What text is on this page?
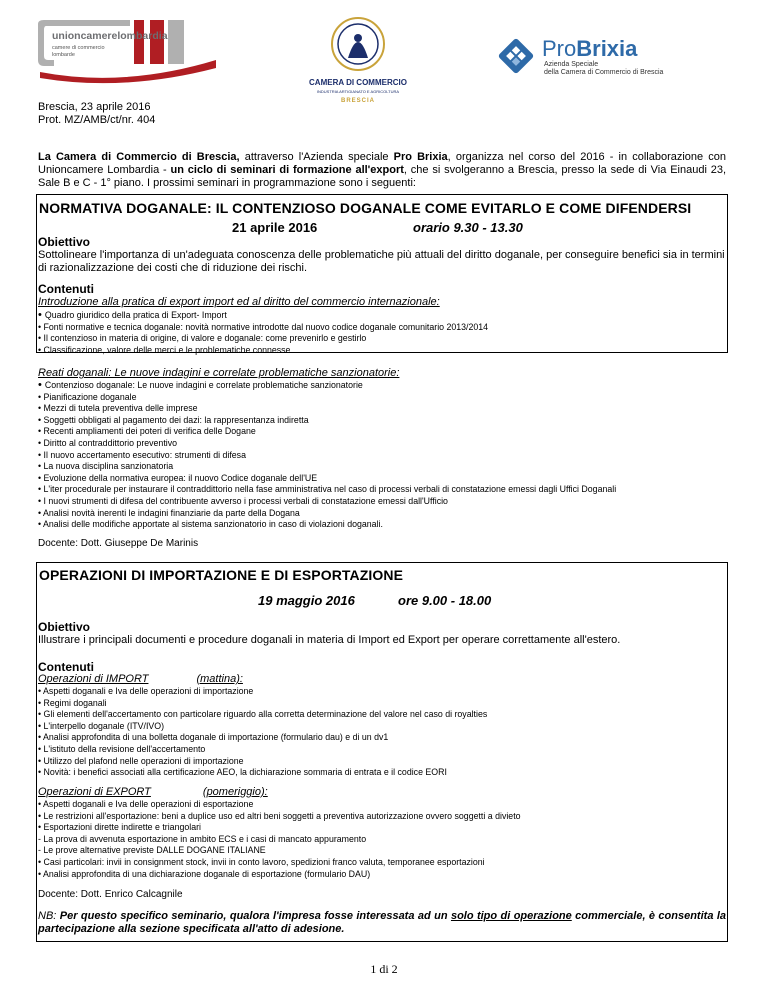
unioncamerelombardia
camere di commercio
lombarde
CAMERA DI COMMERCIO
INDUSTRIA ARTIGIANATO E AGRICOLTURA
BRESCIA
ProBrixia
Azienda Speciale
della Camera di Commercio di Brescia
Brescia, 23 aprile 2016
Prot. MZ/AMB/ct/nr. 404
La Camera di Commercio di Brescia, attraverso l'Azienda speciale Pro Brixia, organizza nel corso del 2016 - in collaborazione con Unioncamere Lombardia - un ciclo di seminari di formazione all'export, che si svolgeranno a Brescia, presso la sede di Via Einaudi 23, Sale B e C - 1° piano. I prossimi seminari in programmazione sono i seguenti:
NORMATIVA DOGANALE: IL CONTENZIOSO DOGANALE COME EVITARLO E COME DIFENDERSI
21 aprile 2016	orario 9.30 - 13.30
Obiettivo
Sottolineare l'importanza di un'adeguata conoscenza delle problematiche più attuali del diritto doganale, per conseguire benefici sia in termini di razionalizzazione dei costi che di riduzione dei rischi.
Contenuti
Introduzione alla pratica di export import ed al diritto del commercio internazionale:
• Quadro giuridico della pratica di Export- Import
• Fonti normative e tecnica doganale: novità normative introdotte dal nuovo codice doganale comunitario 2013/2014
• Il contenzioso in materia di origine, di valore e doganale: come prevenirlo e gestirlo
• Classificazione, valore delle merci e le problematiche connesse
Reati doganali: Le nuove indagini e correlate problematiche sanzionatorie:
• Contenzioso doganale: Le nuove indagini e correlate problematiche sanzionatorie
• Pianificazione doganale
• Mezzi di tutela preventiva delle imprese
• Soggetti obbligati al pagamento dei dazi: la rappresentanza indiretta
• Recenti ampliamenti dei poteri di verifica delle Dogane
• Diritto al contraddittorio preventivo
• Il nuovo accertamento esecutivo: strumenti di difesa
• La nuova disciplina sanzionatoria
• Evoluzione della normativa europea: il nuovo Codice doganale dell'UE
• L'iter procedurale per instaurare il contraddittorio nella fase amministrativa nel caso di processi verbali di constatazione emessi dagli Uffici Doganali
• I nuovi strumenti di difesa del contribuente avverso i processi verbali di constatazione emessi dall'Ufficio
• Analisi novità inerenti le indagini finanziarie da parte della Dogana
• Analisi delle modifiche apportate al sistema sanzionatorio in caso di violazioni doganali.
Docente: Dott. Giuseppe De Marinis
OPERAZIONI DI IMPORTAZIONE E DI ESPORTAZIONE
19 maggio 2016	ore 9.00 - 18.00
Obiettivo
Illustrare i principali documenti e procedure doganali in materia di Import ed Export per operare correttamente all'estero.
Contenuti
Operazioni di IMPORT	(mattina):
• Aspetti doganali e Iva delle operazioni di importazione
• Regimi doganali
• Gli elementi dell'accertamento con particolare riguardo alla corretta determinazione del valore nel caso di royalties
• L'interpello doganale (ITV/IVO)
• Analisi approfondita di una bolletta doganale di importazione (formulario dau) e di un dv1
• L'istituto della revisione dell'accertamento
• Utilizzo del plafond nelle operazioni di importazione
• Novità: i benefici associati alla certificazione AEO, la dichiarazione sommaria di entrata e il codice EORI
Operazioni di EXPORT	(pomeriggio):
• Aspetti doganali e Iva delle operazioni di esportazione
• Le restrizioni all'esportazione: beni a duplice uso ed altri beni soggetti a preventiva autorizzazione ovvero soggetti a divieto
• Esportazioni dirette indirette e triangolari
- La prova di avvenuta esportazione in ambito ECS e i casi di mancato appuramento
- Le prove alternative previste DALLE DOGANE ITALIANE
• Casi particolari: invii in consignment stock, invii in conto lavoro, spedizioni franco valuta, temporanee esportazioni
• Analisi approfondita di una dichiarazione doganale di esportazione (formulario DAU)
Docente: Dott. Enrico Calcagnile
NB: Per questo specifico seminario, qualora l'impresa fosse interessata ad un solo tipo di operazione commerciale, è consentita la partecipazione alla sezione specificata all'atto di adesione.
1 di 2
